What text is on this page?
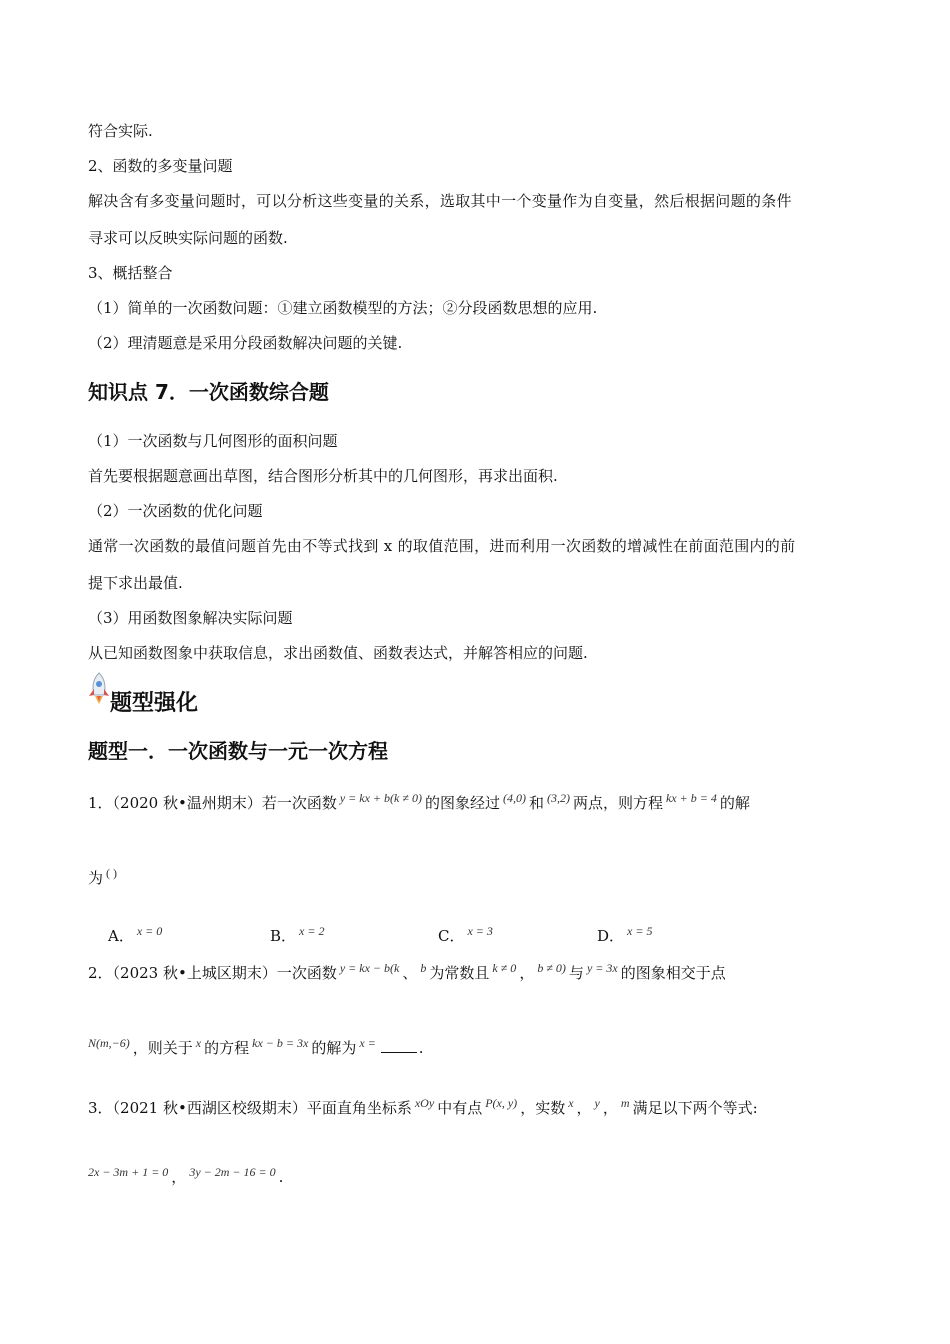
符合实际.
2、函数的多变量问题
解决含有多变量问题时，可以分析这些变量的关系，选取其中一个变量作为自变量，然后根据问题的条件
寻求可以反映实际问题的函数.
3、概括整合
（1）简单的一次函数问题：①建立函数模型的方法；②分段函数思想的应用.
（2）理清题意是采用分段函数解决问题的关键.
知识点 7．一次函数综合题
（1）一次函数与几何图形的面积问题
首先要根据题意画出草图，结合图形分析其中的几何图形，再求出面积.
（2）一次函数的优化问题
通常一次函数的最值问题首先由不等式找到 x 的取值范围，进而利用一次函数的增减性在前面范围内的前
提下求出最值.
（3）用函数图象解决实际问题
从已知函数图象中获取信息，求出函数值、函数表达式，并解答相应的问题.
题型强化
题型一．一次函数与一元一次方程
1．（2020 秋•温州期末）若一次函数 $^{y = kx + b(k \ne 0)}$ 的图象经过 $^{(4,0)}$ 和 $^{(3,2)}$ 两点，则方程 $^{kx + b = 4}$ 的解
为 ( )
A． $^{x = 0}$	B． $^{x = 2}$	C． $^{x = 3}$	D． $^{x = 5}$
2．（2023 秋•上城区期末）一次函数 $^{y = kx - b(k}$ 、 $^b$ 为常数且 $^{k \ne 0}$ ， $^{b \ne 0)}$ 与 $^{y = 3x}$ 的图象相交于点
$^{N(m,-6)}$ ，则关于 $^x$ 的方程 $^{kx - b = 3x}$ 的解为 $^{x =}$	.
3．（2021 秋•西湖区校级期末）平面直角坐标系 $^{xOy}$ 中有点 $^{P(x, y)}$ ，实数 $^x$ ， $^y$ ， $^m$ 满足以下两个等式:
$^{2x - 3m + 1 = 0}$ ， $^{3y - 2m - 16 = 0}$ .
